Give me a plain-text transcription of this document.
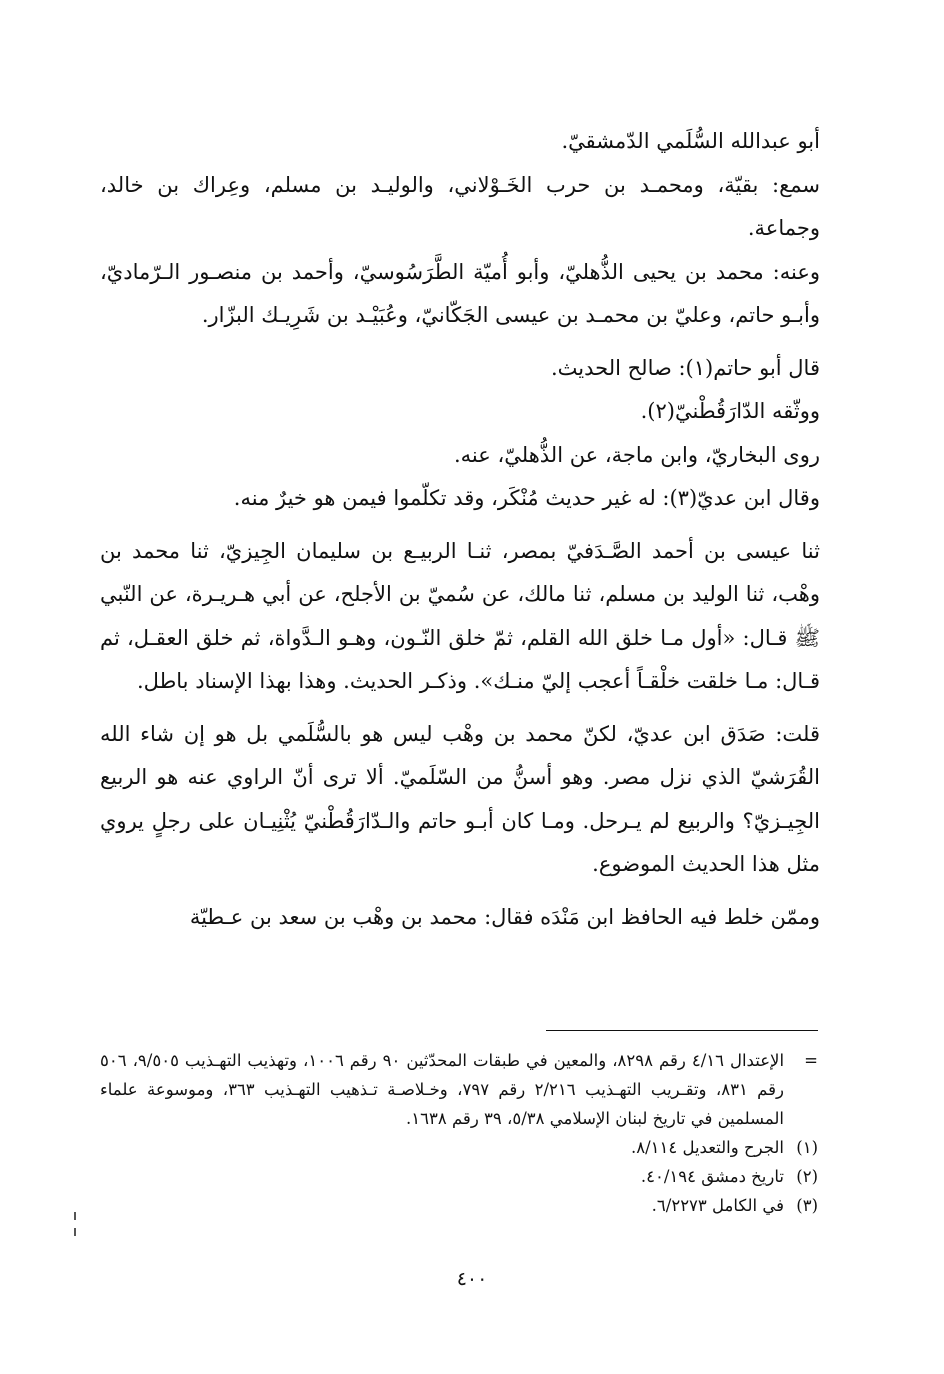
أبو عبدالله السُّلَمي الدّمشقيّ.

سمع: بقيّة، ومحمـد بن حرب الخَـوْلاني، والوليـد بن مسلم، وعِراك بن خالد، وجماعة.

وعنه: محمد بن يحيى الذُّهليّ، وأبو أُميّة الطَّرَسُوسيّ، وأحمد بن منصـور الـرّماديّ، وأبـو حاتم، وعليّ بن محمـد بن عيسى الجَكّانيّ، وعُبَيْـد بن شَرِيـك البزّار.

قال أبو حاتم(١): صالح الحديث.

ووثّقه الدّارَقُطْنيّ(٢).

روى البخاريّ، وابن ماجة، عن الذُّهليّ، عنه.

وقال ابن عديّ(٣): له غير حديث مُنْكَر، وقد تكلّموا فيمن هو خيرٌ منه.

ثنا عيسى بن أحمد الصَّـدَفيّ بمصر، ثنـا الربيـع بن سليمان الجِيزيّ، ثنا محمد بن وهْب، ثنا الوليد بن مسلم، ثنا مالك، عن سُميّ بن الأجلح، عن أبي هـريـرة، عن النّبي ﷺ قـال: «أول مـا خلق الله القلم، ثمّ خلق النّـون، وهـو الـدَّواة، ثم خلق العقـل، ثم قـال: مـا خلقت خلْقـاً أعجب إليّ منـك». وذكـر الحديث. وهذا بهذا الإسناد باطل.

قلت: صَدَق ابن عديّ، لكنّ محمد بن وهْب ليس هو بالسُّلَمي بل هو إن شاء الله القُرَشيّ الذي نزل مصر. وهو أسنُّ من السّلَميّ. ألا ترى أنّ الراوي عنه هو الربيع الجِيـزيّ؟ والربيع لم يـرحل. ومـا كان أبـو حاتم والـدّارَقُطْنيّ يُثْنِيـان على رجلٍ يروي مثل هذا الحديث الموضوع.

وممّن خلط فيه الحافظ ابن مَنْدَه فقال: محمد بن وهْب بن سعد بن عـطيّة

=
الإعتدال ٤/١٦ رقم ٨٢٩٨، والمعين في طبقات المحدّثين ٩٠ رقم ١٠٠٦، وتهذيب التهـذيب ٩/٥٠٥، ٥٠٦ رقم ٨٣١، وتقـريب التهـذيب ٢/٢١٦ رقم ٧٩٧، وخـلاصـة تـذهيب التهـذيب ٣٦٣، وموسوعة علماء المسلمين في تاريخ لبنان الإسلامي ٥/٣٨، ٣٩ رقم ١٦٣٨.
(١)
الجرح والتعديل ٨/١١٤.
(٢)
تاريخ دمشق ٤٠/١٩٤.
(٣)
في الكامل ٦/٢٢٧٣.
٤٠٠
